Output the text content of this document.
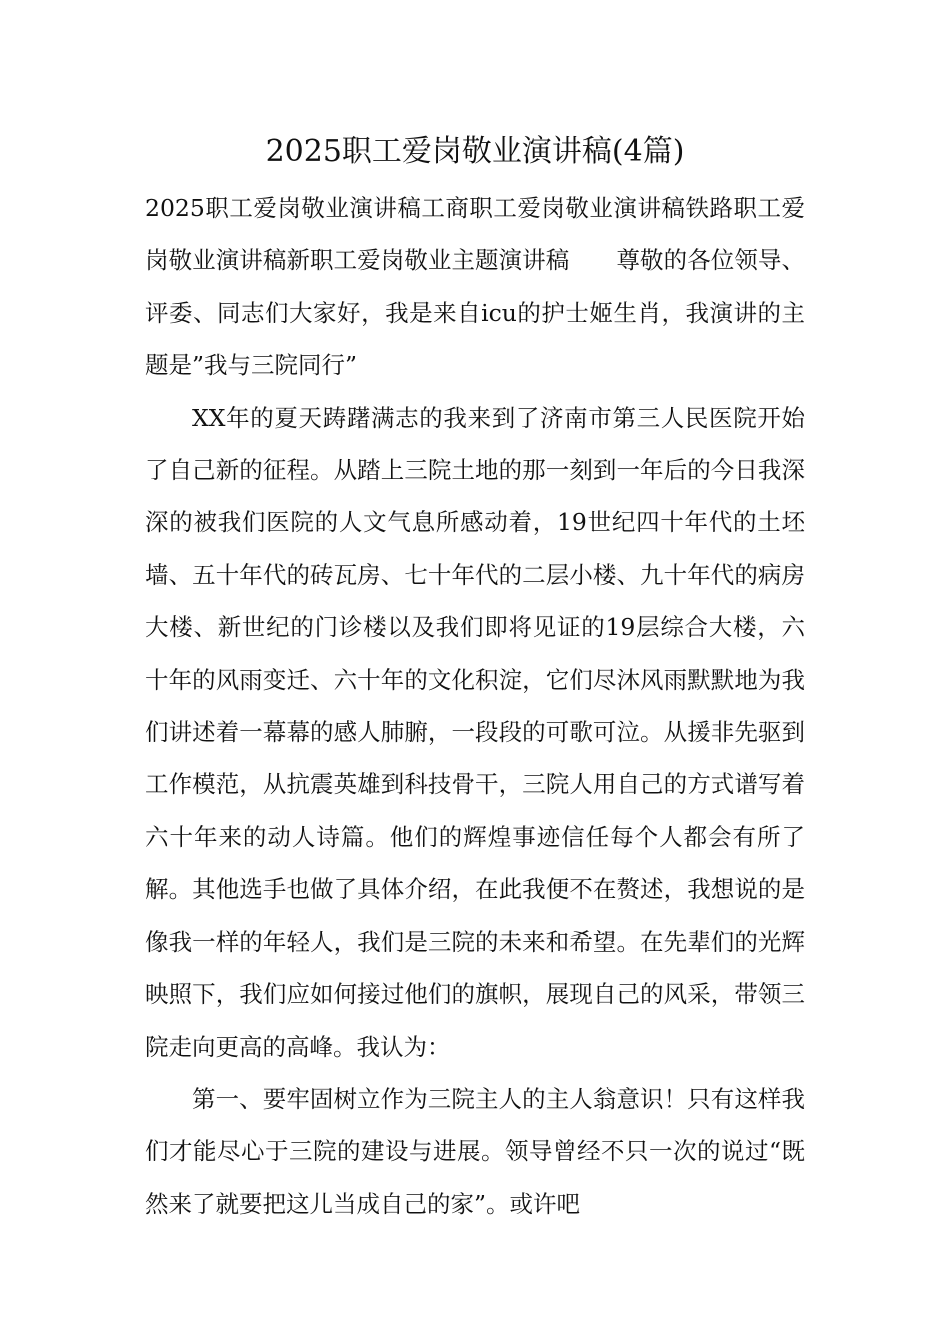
2025职工爱岗敬业演讲稿(4篇)

2025职工爱岗敬业演讲稿工商职工爱岗敬业演讲稿铁路职工爱岗敬业演讲稿新职工爱岗敬业主题演讲稿　　尊敬的各位领导、评委、同志们大家好，我是来自icu的护士姬生肖，我演讲的主题是”我与三院同行”

XX年的夏天踌躇满志的我来到了济南市第三人民医院开始了自己新的征程。从踏上三院土地的那一刻到一年后的今日我深深的被我们医院的人文气息所感动着，19世纪四十年代的土坯墙、五十年代的砖瓦房、七十年代的二层小楼、九十年代的病房大楼、新世纪的门诊楼以及我们即将见证的19层综合大楼，六十年的风雨变迁、六十年的文化积淀，它们尽沐风雨默默地为我们讲述着一幕幕的感人肺腑，一段段的可歌可泣。从援非先驱到工作模范，从抗震英雄到科技骨干，三院人用自己的方式谱写着六十年来的动人诗篇。他们的辉煌事迹信任每个人都会有所了解。其他选手也做了具体介绍，在此我便不在赘述，我想说的是像我一样的年轻人，我们是三院的未来和希望。在先辈们的光辉映照下，我们应如何接过他们的旗帜，展现自己的风采，带领三院走向更高的高峰。我认为：

第一、要牢固树立作为三院主人的主人翁意识！只有这样我们才能尽心于三院的建设与进展。领导曾经不只一次的说过“既然来了就要把这儿当成自己的家”。或许吧
